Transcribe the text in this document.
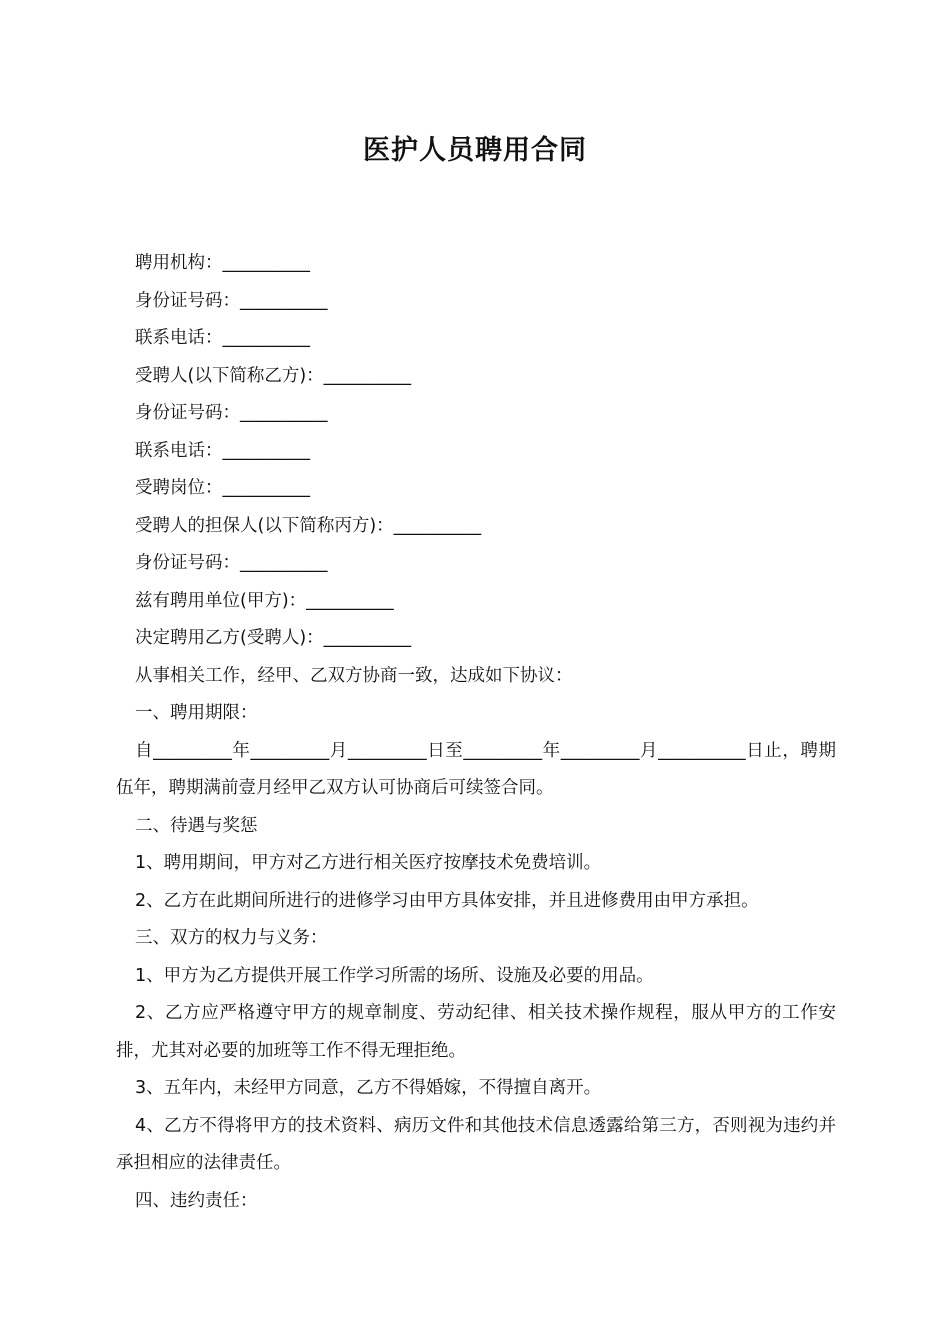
医护人员聘用合同

聘用机构：__________

身份证号码：__________

联系电话：__________

受聘人(以下简称乙方)：__________

身份证号码：__________

联系电话：__________

受聘岗位：__________

受聘人的担保人(以下简称丙方)：__________

身份证号码：__________

兹有聘用单位(甲方)：__________

决定聘用乙方(受聘人)：__________

从事相关工作，经甲、乙双方协商一致，达成如下协议：

一、聘用期限：

自_________年_________月_________日至_________年_________月__________日止，聘期伍年，聘期满前壹月经甲乙双方认可协商后可续签合同。

二、待遇与奖惩

1、聘用期间，甲方对乙方进行相关医疗按摩技术免费培训。

2、乙方在此期间所进行的进修学习由甲方具体安排，并且进修费用由甲方承担。

三、双方的权力与义务：

1、甲方为乙方提供开展工作学习所需的场所、设施及必要的用品。

2、乙方应严格遵守甲方的规章制度、劳动纪律、相关技术操作规程，服从甲方的工作安排，尤其对必要的加班等工作不得无理拒绝。

3、五年内，未经甲方同意，乙方不得婚嫁，不得擅自离开。

4、乙方不得将甲方的技术资料、病历文件和其他技术信息透露给第三方，否则视为违约并承担相应的法律责任。

四、违约责任：
